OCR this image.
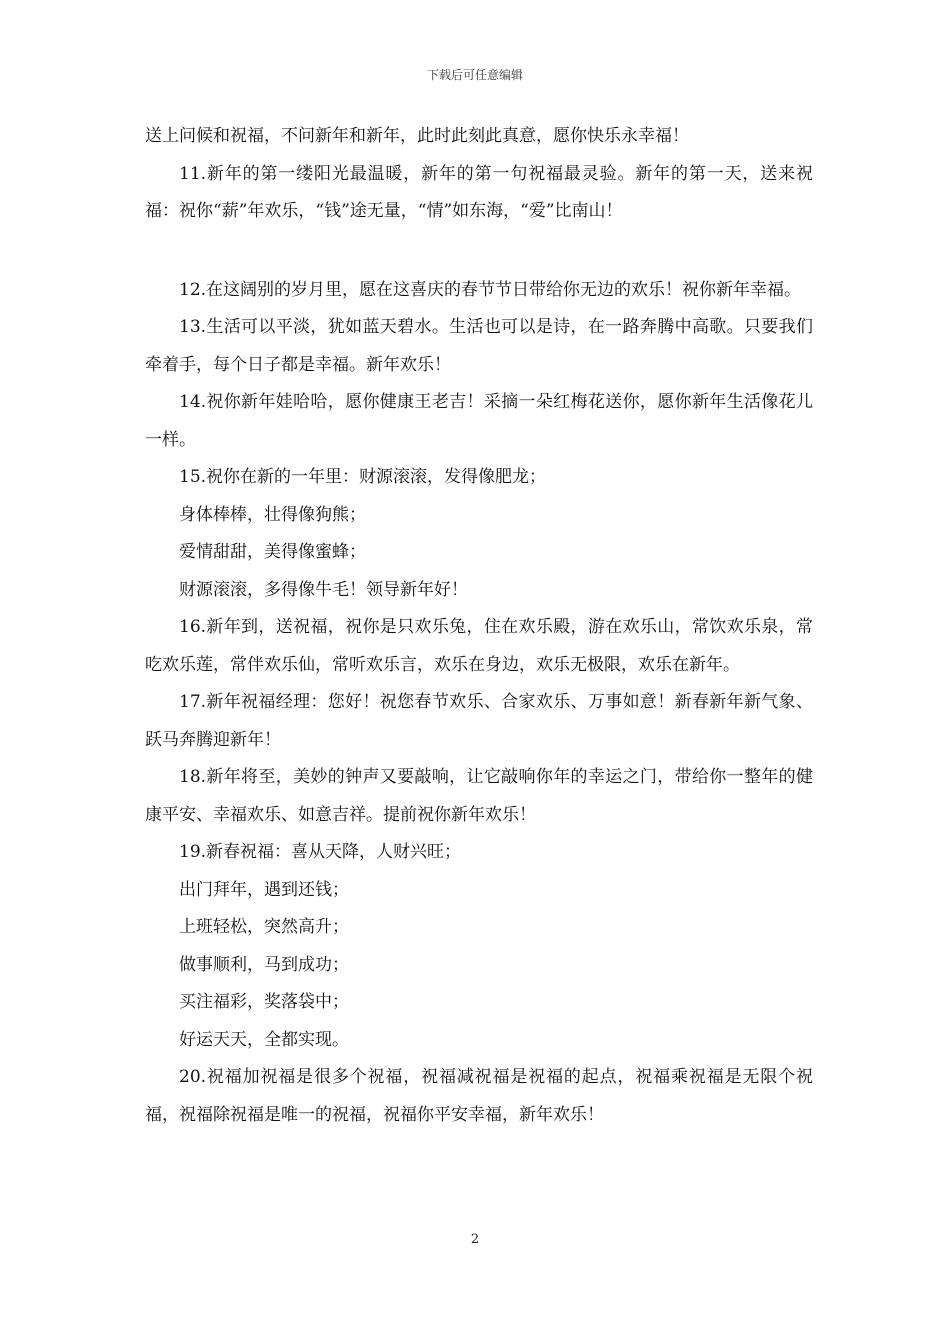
下载后可任意编辑

送上问候和祝福，不问新年和新年，此时此刻此真意，愿你快乐永幸福！

11.新年的第一缕阳光最温暖，新年的第一句祝福最灵验。新年的第一天，送来祝福：祝你“薪”年欢乐，“钱”途无量，“情”如东海，“爱”比南山！

12.在这阔别的岁月里，愿在这喜庆的春节节日带给你无边的欢乐！祝你新年幸福。

13.生活可以平淡，犹如蓝天碧水。生活也可以是诗，在一路奔腾中高歌。只要我们牵着手，每个日子都是幸福。新年欢乐！

14.祝你新年娃哈哈，愿你健康王老吉！采摘一朵红梅花送你，愿你新年生活像花儿一样。

15.祝你在新的一年里：财源滚滚，发得像肥龙；

身体棒棒，壮得像狗熊；

爱情甜甜，美得像蜜蜂；

财源滚滚，多得像牛毛！领导新年好！

16.新年到，送祝福，祝你是只欢乐兔，住在欢乐殿，游在欢乐山，常饮欢乐泉，常吃欢乐莲，常伴欢乐仙，常听欢乐言，欢乐在身边，欢乐无极限，欢乐在新年。

17.新年祝福经理：您好！祝您春节欢乐、合家欢乐、万事如意！新春新年新气象、跃马奔腾迎新年！

18.新年将至，美妙的钟声又要敲响，让它敲响你年的幸运之门，带给你一整年的健康平安、幸福欢乐、如意吉祥。提前祝你新年欢乐！

19.新春祝福：喜从天降，人财兴旺；

出门拜年，遇到还钱；

上班轻松，突然高升；

做事顺利，马到成功；

买注福彩，奖落袋中；

好运天天，全都实现。

20.祝福加祝福是很多个祝福，祝福减祝福是祝福的起点，祝福乘祝福是无限个祝福，祝福除祝福是唯一的祝福，祝福你平安幸福，新年欢乐！

2
